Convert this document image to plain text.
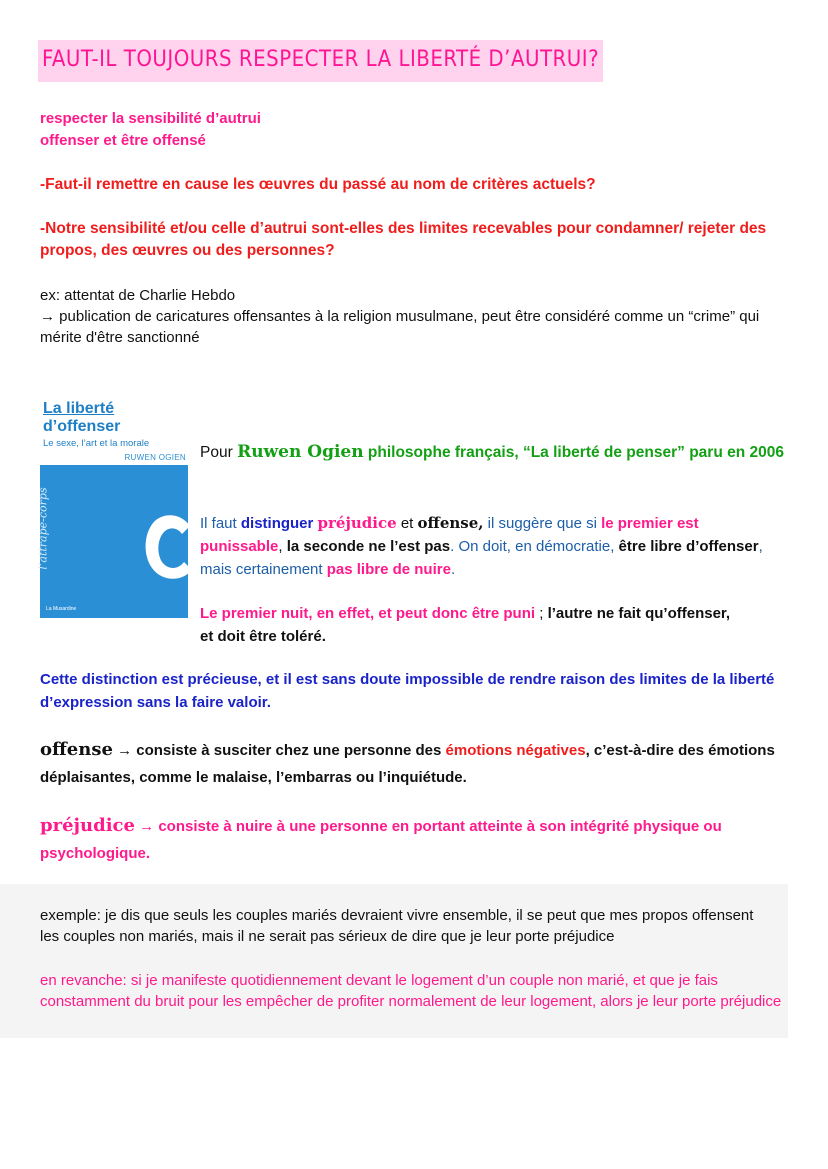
FAUT-IL TOUJOURS RESPECTER LA LIBERTÉ D’AUTRUI?
respecter la sensibilité d’autrui
offenser et être offensé
-Faut-il remettre en cause les œuvres du passé au nom de critères actuels?
-Notre sensibilité et/ou celle d’autrui sont-elles des limites recevables pour condamner/ rejeter des propos, des œuvres ou des personnes?
ex: attentat de Charlie Hebdo
→ publication de caricatures offensantes à la religion musulmane, peut être considéré comme un “crime” qui mérite d'être sanctionné
La liberté
d’offenser
Le sexe, l’art et la morale
RUWEN OGIEN
l’attrape-corps
La Musardine
Pour Ruwen Ogien philosophe français, “La liberté de penser” paru en 2006
Il faut distinguer préjudice et offense, il suggère que si le premier est punissable, la seconde ne l’est pas. On doit, en démocratie, être libre d’offenser, mais certainement pas libre de nuire.
Le premier nuit, en effet, et peut donc être puni ; l’autre ne fait qu’offenser, et doit être toléré.
Cette distinction est précieuse, et il est sans doute impossible de rendre raison des limites de la liberté d’expression sans la faire valoir.
offense → consiste à susciter chez une personne des émotions négatives, c’est-à-dire des émotions déplaisantes, comme le malaise, l’embarras ou l’inquiétude.
préjudice → consiste à nuire à une personne en portant atteinte à son intégrité physique ou psychologique.
exemple: je dis que seuls les couples mariés devraient vivre ensemble, il se peut que mes propos offensent les couples non mariés, mais il ne serait pas sérieux de dire que je leur porte préjudice
en revanche: si je manifeste quotidiennement devant le logement d’un couple non marié, et que je fais constamment du bruit pour les empêcher de profiter normalement de leur logement, alors je leur porte préjudice
